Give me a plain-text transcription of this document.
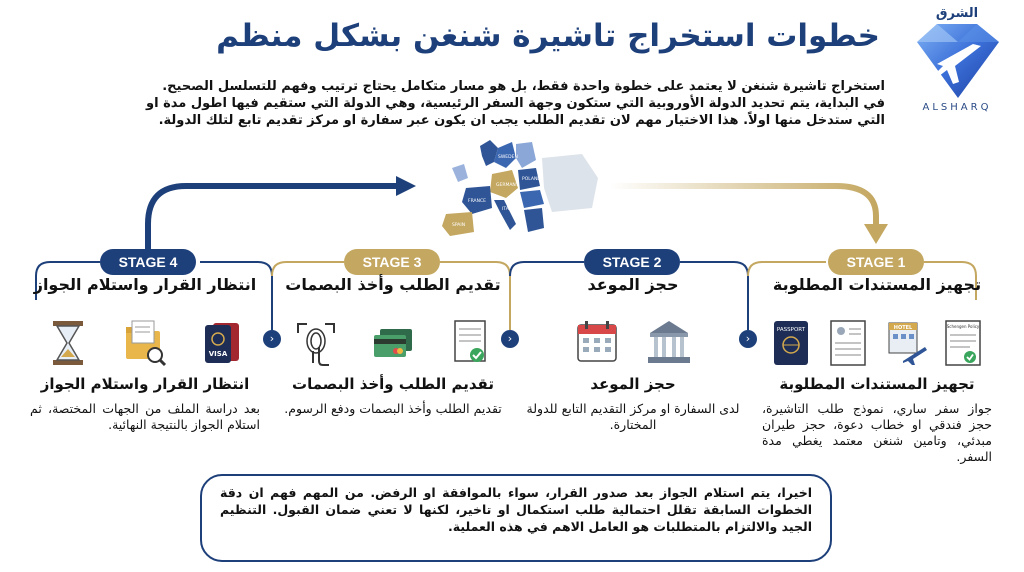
خطوات استخراج تاشيرة شنغن بشكل منظم
الشرق
ALSHARQ
استخراج تاشيرة شنغن لا يعتمد على خطوة واحدة فقط، بل هو مسار متكامل يحتاج ترتيب وفهم للتسلسل الصحيح. في البداية، يتم تحديد الدولة الأوروبية التي ستكون وجهة السفر الرئيسية، وهي الدولة التي ستقيم فيها اطول مدة او التي ستدخل منها اولاً. هذا الاختيار مهم لان تقديم الطلب يجب ان يكون عبر سفارة او مركز تقديم تابع لتلك الدولة.
GERMANY
FRANCE
SPAIN
ITALY
POLAND
SWEDEN
STAGE 4	STAGE 3	STAGE 2	STAGE 1
›	›	›
انتظار القرار واستلام الجواز
VISA
انتظار القرار واستلام الجواز
بعد دراسة الملف من الجهات المختصة، ثم استلام الجواز بالنتيجة النهائية.
تقديم الطلب وأخذ البصمات
تقديم الطلب وأخذ البصمات
تقديم الطلب وأخذ البصمات ودفع الرسوم.
حجز الموعد
حجز الموعد
لدى السفارة او مركز التقديم التابع للدولة المختارة.
تجهيز المستندات المطلوبة
PASSPORT	HOTEL	Schengen Policy
تجهيز المستندات المطلوبة
جواز سفر ساري، نموذج طلب التاشيرة، حجز فندقي او خطاب دعوة، حجز طيران مبدئي، وتامين شنغن معتمد يغطي مدة السفر.
اخيرا، يتم استلام الجواز بعد صدور القرار، سواء بالموافقة او الرفض. من المهم فهم ان دقة الخطوات السابقة تقلل احتمالية طلب استكمال او تاخير، لكنها لا تعني ضمان القبول. التنظيم الجيد والالتزام بالمتطلبات هو العامل الاهم في هذه العملية.
